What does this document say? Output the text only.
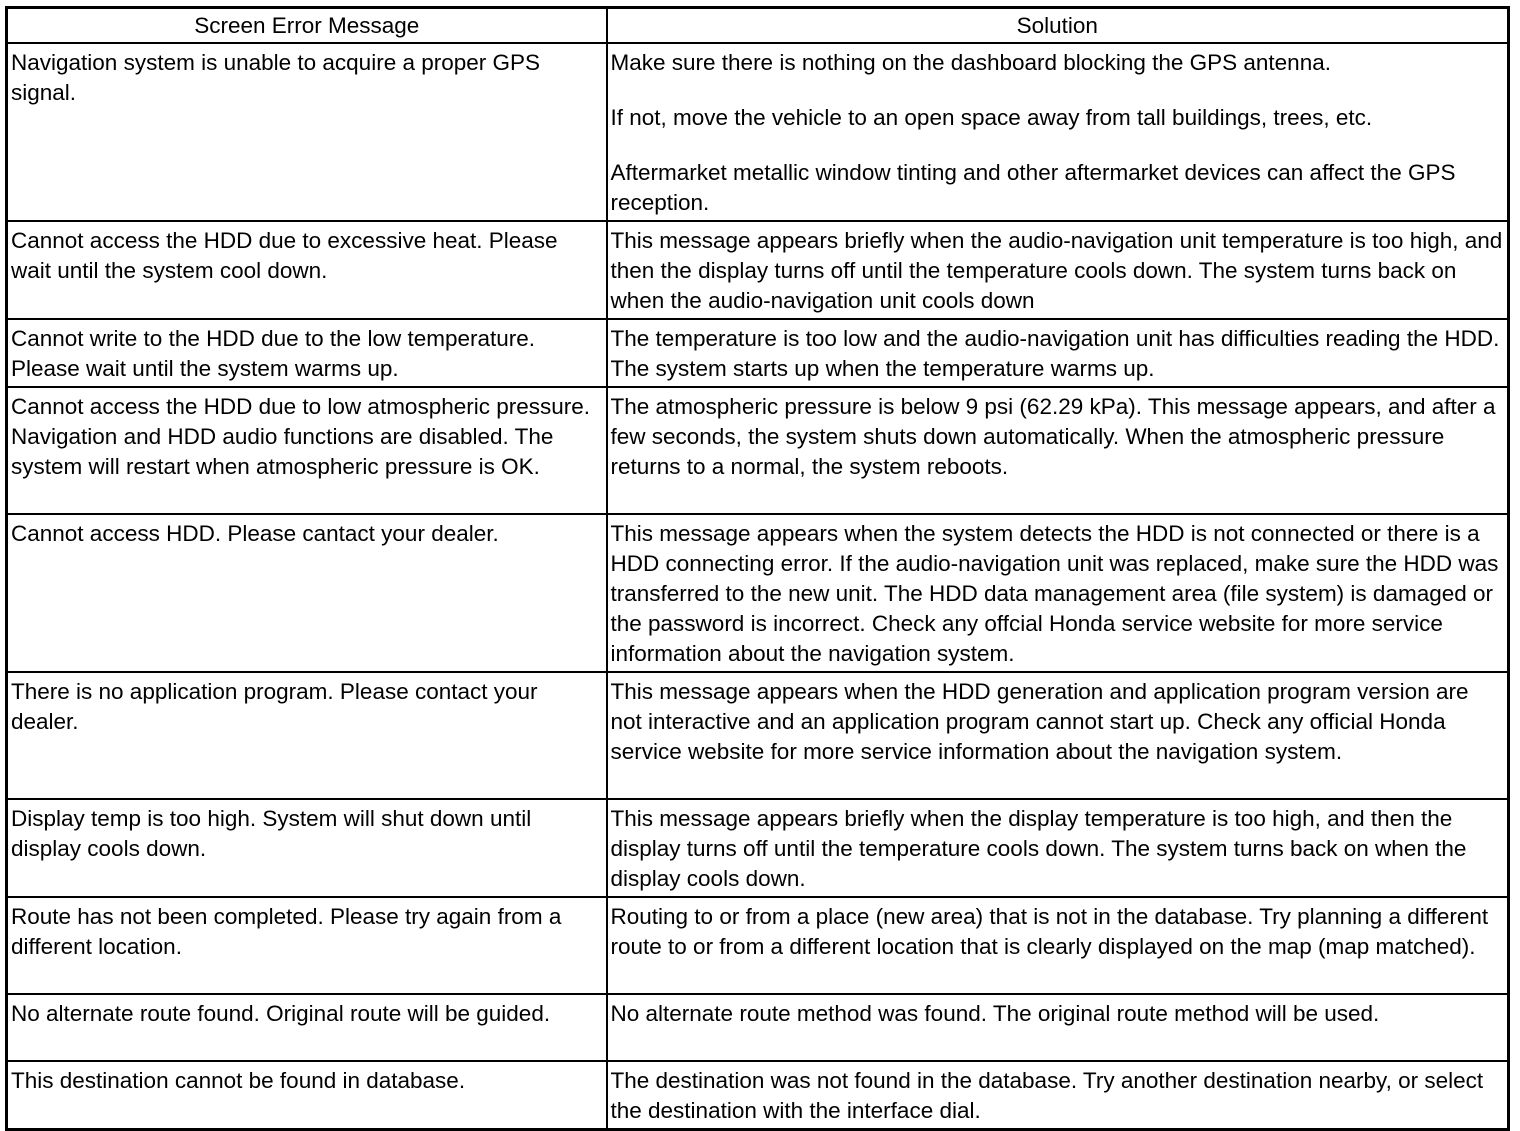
Screen Error Message	Solution
Navigation system is unable to acquire a proper GPS signal.	Make sure there is nothing on the dashboard blocking the GPS antenna.

If not, move the vehicle to an open space away from tall buildings, trees, etc.

Aftermarket metallic window tinting and other aftermarket devices can affect the GPS reception.

Cannot access the HDD due to excessive heat. Please wait until the system cool down.	This message appears briefly when the audio-navigation unit temperature is too high, and then the display turns off until the temperature cools down. The system turns back on when the audio-navigation unit cools down
Cannot write to the HDD due to the low temperature. Please wait until the system warms up.	The temperature is too low and the audio-navigation unit has difficulties reading the HDD. The system starts up when the temperature warms up.
Cannot access the HDD due to low atmospheric pressure. Navigation and HDD audio functions are disabled. The system will restart when atmospheric pressure is OK.	The atmospheric pressure is below 9 psi (62.29 kPa). This message appears, and after a few seconds, the system shuts down automatically. When the atmospheric pressure returns to a normal, the system reboots.
Cannot access HDD. Please cantact your dealer.	This message appears when the system detects the HDD is not connected or there is a HDD connecting error. If the audio-navigation unit was replaced, make sure the HDD was transferred to the new unit. The HDD data management area (file system) is damaged or the password is incorrect. Check any offcial Honda service website for more service information about the navigation system.
There is no application program. Please contact your dealer.	This message appears when the HDD generation and application program version are not interactive and an application program cannot start up. Check any official Honda service website for more service information about the navigation system.
Display temp is too high. System will shut down until display cools down.	This message appears briefly when the display temperature is too high, and then the display turns off until the temperature cools down. The system turns back on when the display cools down.
Route has not been completed. Please try again from a different location.	Routing to or from a place (new area) that is not in the database. Try planning a different route to or from a different location that is clearly displayed on the map (map matched).
No alternate route found. Original route will be guided.	No alternate route method was found. The original route method will be used.
This destination cannot be found in database.	The destination was not found in the database. Try another destination nearby, or select the destination with the interface dial.
